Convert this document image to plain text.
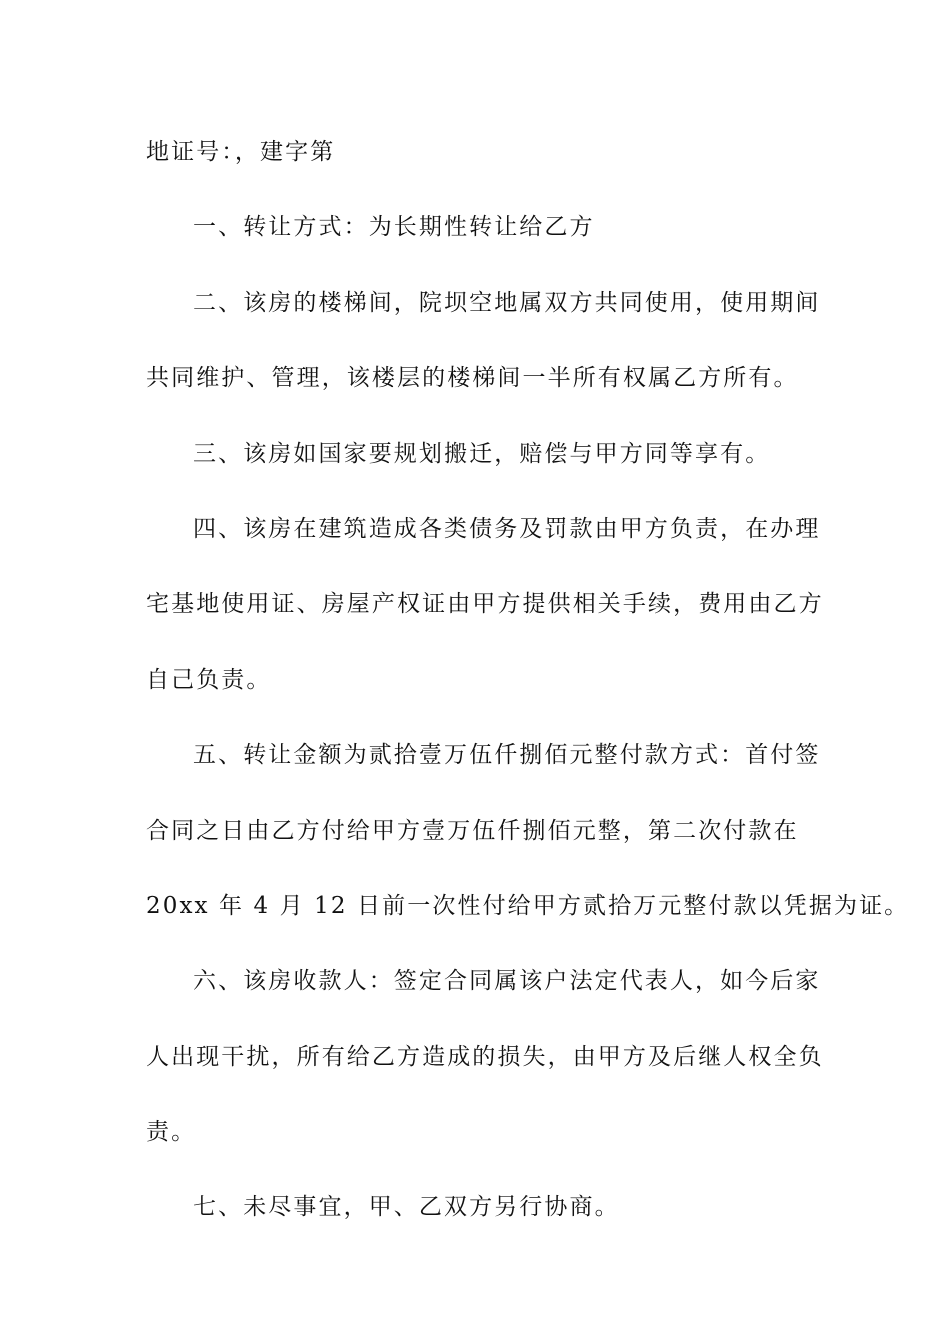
地证号：，建字第
一、转让方式：为长期性转让给乙方
二、该房的楼梯间，院坝空地属双方共同使用，使用期间
共同维护、管理，该楼层的楼梯间一半所有权属乙方所有。
三、该房如国家要规划搬迁，赔偿与甲方同等享有。
四、该房在建筑造成各类债务及罚款由甲方负责，在办理
宅基地使用证、房屋产权证由甲方提供相关手续，费用由乙方
自己负责。
五、转让金额为贰拾壹万伍仟捌佰元整付款方式：首付签
合同之日由乙方付给甲方壹万伍仟捌佰元整，第二次付款在
20xx 年 4 月 12 日前一次性付给甲方贰拾万元整付款以凭据为证。
六、该房收款人：签定合同属该户法定代表人，如今后家
人出现干扰，所有给乙方造成的损失，由甲方及后继人权全负
责。
七、未尽事宜，甲、乙双方另行协商。
